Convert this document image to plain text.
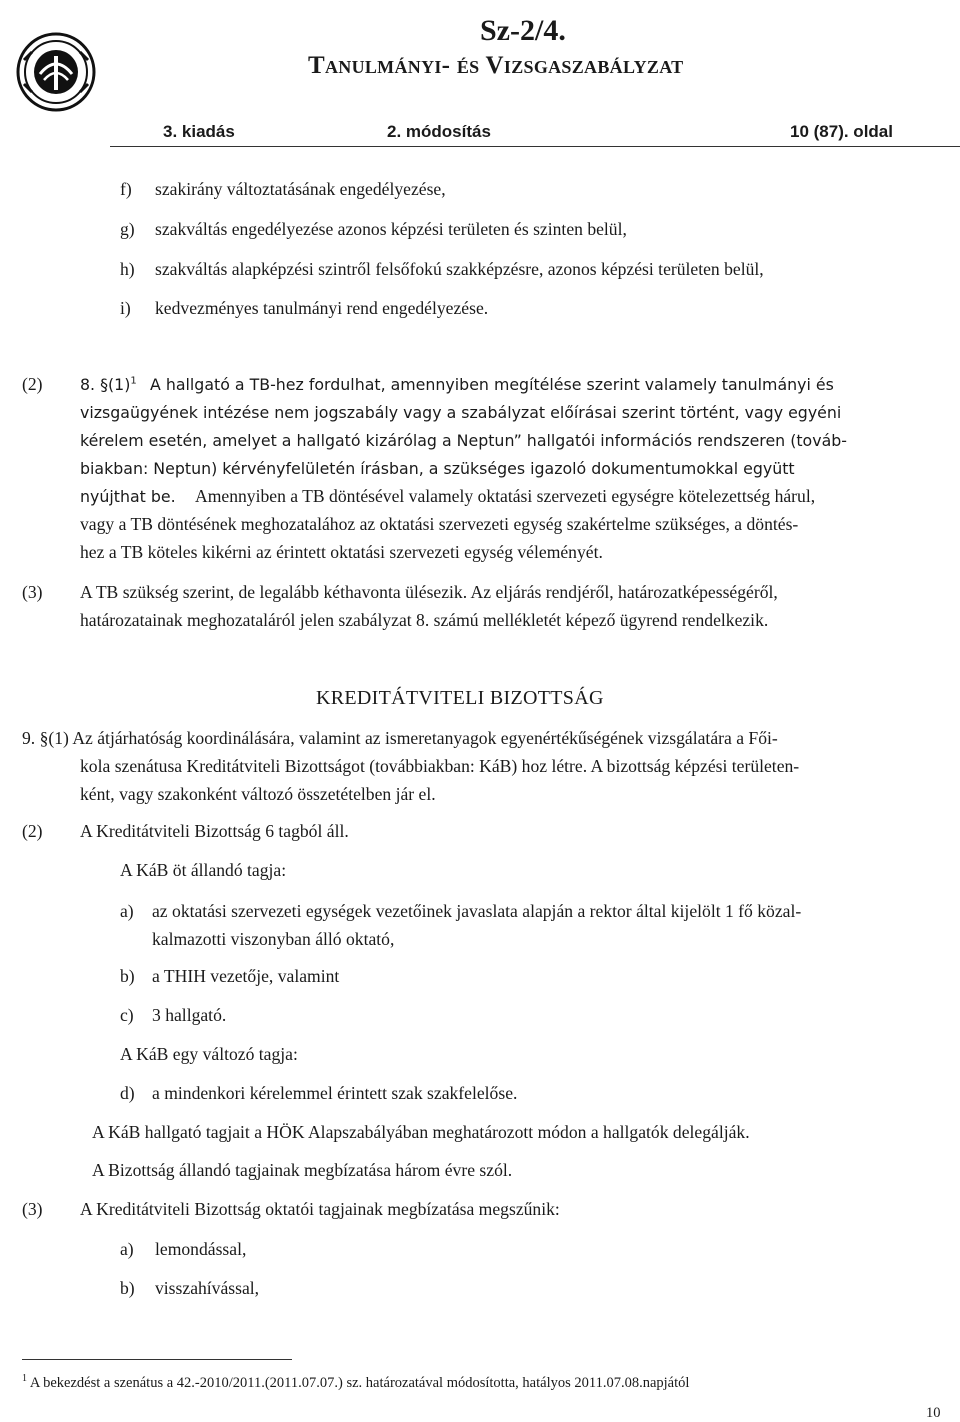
Sz-2/4.
Tanulmányi- és Vizsgaszabályzat
3. kiadás	2. módosítás	10 (87). oldal
f) szakirány változtatásának engedélyezése,
g) szakváltás engedélyezése azonos képzési területen és szinten belül,
h) szakváltás alapképzési szintről felsőfokú szakképzésre, azonos képzési területen belül,
i) kedvezményes tanulmányi rend engedélyezése.
(2) 8. $\S(1)^1$ A hallgató a TB-hez fordulhat, amennyiben megítélése szerint valamely tanulmányi és
vizsgaügyének intézése nem jogszabály vagy a szabályzat előírásai szerint történt, vagy egyéni
kérelem esetén, amelyet a hallgató kizárólag a Neptun” hallgatói információs rendszeren (továb-
biakban: Neptun) kérvényfelületén írásban, a szükséges igazoló dokumentumokkal együtt
nyújthat be. Amennyiben a TB döntésével valamely oktatási szervezeti egységre kötelezettség hárul,
vagy a TB döntésének meghozatalához az oktatási szervezeti egység szakértelme szükséges, a döntés-
hez a TB köteles kikérni az érintett oktatási szervezeti egység véleményét.
(3) A TB szükség szerint, de legalább kéthavonta ülésezik. Az eljárás rendjéről, határozatképességéről,
határozatainak meghozataláról jelen szabályzat 8. számú mellékletét képező ügyrend rendelkezik.
KREDITÁTVITELI BIZOTTSÁG
9. §(1) Az átjárhatóság koordinálására, valamint az ismeretanyagok egyenértékűségének vizsgálatára a Fői-
kola szenátusa Kreditátviteli Bizottságot (továbbiakban: KáB) hoz létre. A bizottság képzési területen-
ként, vagy szakonként változó összetételben jár el.
(2) A Kreditátviteli Bizottság 6 tagból áll.
A KáB öt állandó tagja:
a) az oktatási szervezeti egységek vezetőinek javaslata alapján a rektor által kijelölt 1 fő közal-
kalmazotti viszonyban álló oktató,
b) a THIH vezetője, valamint
c) 3 hallgató.
A KáB egy változó tagja:
d) a mindenkori kérelemmel érintett szak szakfelelőse.
A KáB hallgató tagjait a HÖK Alapszabályában meghatározott módon a hallgatók delegálják.
A Bizottság állandó tagjainak megbízatása három évre szól.
(3) A Kreditátviteli Bizottság oktatói tagjainak megbízatása megszűnik:
a) lemondással,
b) visszahívással,
$^1$ A bekezdést a szenátus a 42.-2010/2011.(2011.07.07.) sz. határozatával módosította, hatályos 2011.07.08.napjától
10
